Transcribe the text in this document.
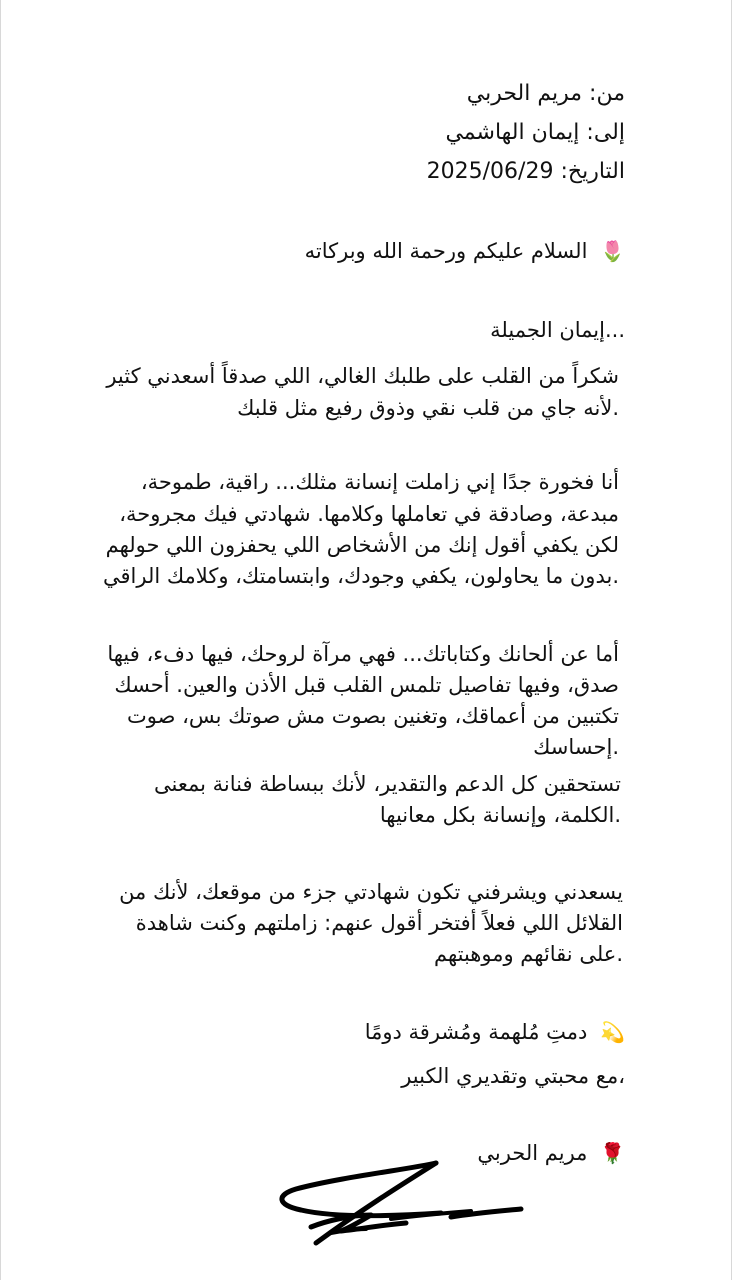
من: مريم الحربي
إلى: إيمان الهاشمي
التاريخ: 2025/06/29
🌷 السلام عليكم ورحمة الله وبركاته
...إيمان الجميلة
شكراً من القلب على طلبك الغالي، اللي صدقاً أسعدني كثير
.لأنه جاي من قلب نقي وذوق رفيع مثل قلبك
أنا فخورة جدًا إني زاملت إنسانة مثلك... راقية، طموحة،
مبدعة، وصادقة في تعاملها وكلامها. شهادتي فيك مجروحة،
لكن يكفي أقول إنك من الأشخاص اللي يحفزون اللي حولهم
.بدون ما يحاولون، يكفي وجودك، وابتسامتك، وكلامك الراقي
أما عن ألحانك وكتاباتك... فهي مرآة لروحك، فيها دفء، فيها
صدق، وفيها تفاصيل تلمس القلب قبل الأذن والعين. أحسك
تكتبين من أعماقك، وتغنين بصوت مش صوتك بس، صوت
.إحساسك
تستحقين كل الدعم والتقدير، لأنك ببساطة فنانة بمعنى
.الكلمة، وإنسانة بكل معانيها
يسعدني ويشرفني تكون شهادتي جزء من موقعك، لأنك من
القلائل اللي فعلاً أفتخر أقول عنهم: زاملتهم وكنت شاهدة
.على نقائهم وموهبتهم
💫 دمتِ مُلهمة ومُشرقة دومًا
،مع محبتي وتقديري الكبير
🌹 مريم الحربي
